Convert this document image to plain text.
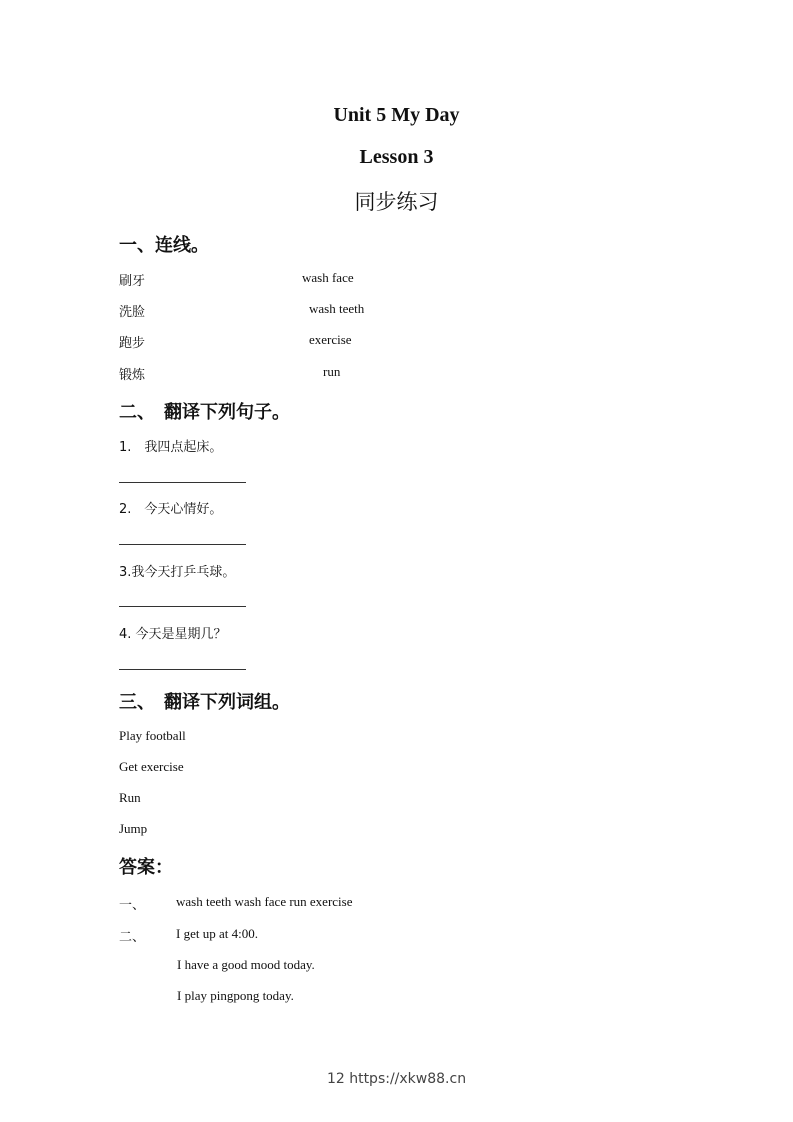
Unit 5 My Day
Lesson 3
同步练习
一、连线。
刷牙
洗脸
跑步
锻炼
wash face
wash teeth
exercise
run
二、　翻译下列句子。
1.　我四点起床。
2.　今天心情好。
3.我今天打乒乓球。
4. 今天是星期几？
三、　翻译下列词组。
Play football
Get exercise
Run
Jump
答案：
一、 wash teeth wash face run exercise
二、 I get up at 4:00.
I have a good mood today.
I play pingpong today.
12 https://xkw88.cn
